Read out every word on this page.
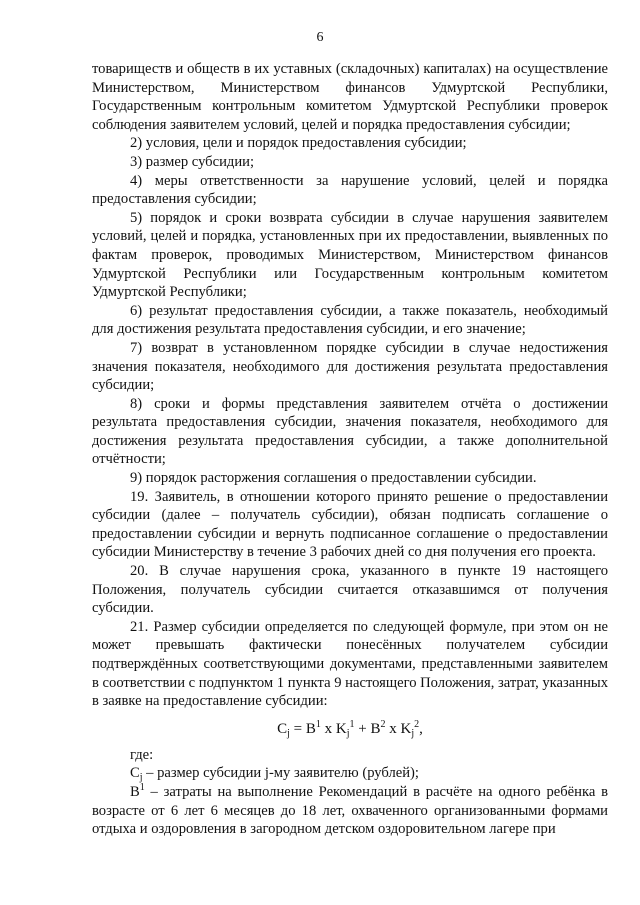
6

товариществ и обществ в их уставных (складочных) капиталах) на осуществление Министерством, Министерством финансов Удмуртской Республики, Государственным контрольным комитетом Удмуртской Республики проверок соблюдения заявителем условий, целей и порядка предоставления субсидии;

2) условия, цели и порядок предоставления субсидии;

3) размер субсидии;

4) меры ответственности за нарушение условий, целей и порядка предоставления субсидии;

5) порядок и сроки возврата субсидии в случае нарушения заявителем условий, целей и порядка, установленных при их предоставлении, выявленных по фактам проверок, проводимых Министерством, Министерством финансов Удмуртской Республики или Государственным контрольным комитетом Удмуртской Республики;

6) результат предоставления субсидии, а также показатель, необходимый для достижения результата предоставления субсидии, и его значение;

7) возврат в установленном порядке субсидии в случае недостижения значения показателя, необходимого для достижения результата предоставления субсидии;

8) сроки и формы представления заявителем отчёта о достижении результата предоставления субсидии, значения показателя, необходимого для достижения результата предоставления субсидии, а также дополнительной отчётности;

9) порядок расторжения соглашения о предоставлении субсидии.

19. Заявитель, в отношении которого принято решение о предоставлении субсидии (далее – получатель субсидии), обязан подписать соглашение о предоставлении субсидии и вернуть подписанное соглашение о предоставлении субсидии Министерству в течение 3 рабочих дней со дня получения его проекта.

20. В случае нарушения срока, указанного в пункте 19 настоящего Положения, получатель субсидии считается отказавшимся от получения субсидии.

21. Размер субсидии определяется по следующей формуле, при этом он не может превышать фактически понесённых получателем субсидии подтверждённых соответствующими документами, представленными заявителем в соответствии с подпунктом 1 пункта 9 настоящего Положения, затрат, указанных в заявке на предоставление субсидии:

$C_j = B^1$ x $K_j^1 + B^2$ x $K_j^2$,

где:

$C_j$ – размер субсидии j-му заявителю (рублей);

$B^1$ – затраты на выполнение Рекомендаций в расчёте на одного ребёнка в возрасте от 6 лет 6 месяцев до 18 лет, охваченного организованными формами отдыха и оздоровления в загородном детском оздоровительном лагере при
